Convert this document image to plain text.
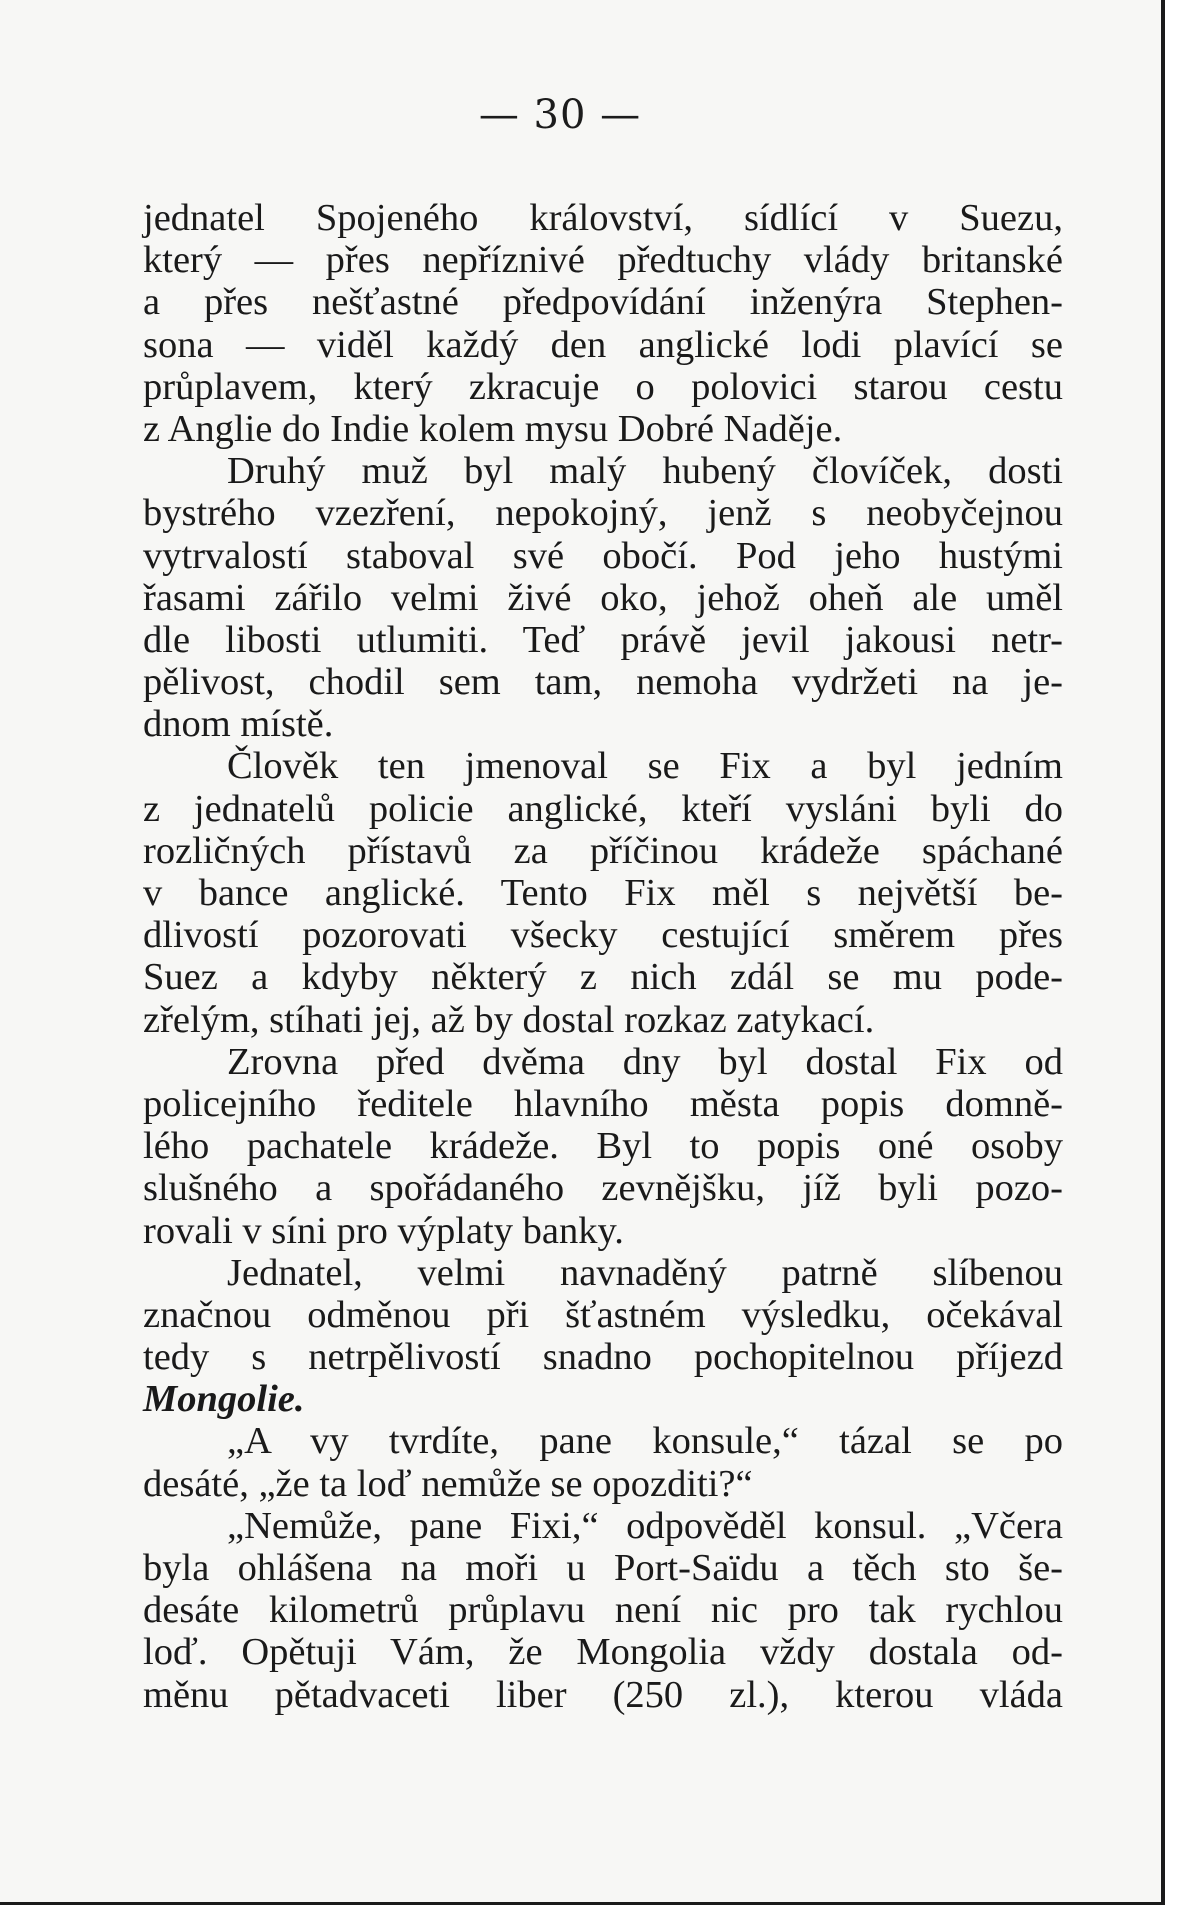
— 30 —
jednatel Spojeného království, sídlící v Suezu,
který — přes nepříznivé předtuchy vlády britanské
a přes nešťastné předpovídání inženýra Stephen-
sona — viděl každý den anglické lodi plavící se
průplavem, který zkracuje o polovici starou cestu
z Anglie do Indie kolem mysu Dobré Naděje.
Druhý muž byl malý hubený človíček, dosti
bystrého vzezření, nepokojný, jenž s neobyčejnou
vytrvalostí staboval své obočí. Pod jeho hustými
řasami zářilo velmi živé oko, jehož oheň ale uměl
dle libosti utlumiti. Teď právě jevil jakousi netr-
pělivost, chodil sem tam, nemoha vydržeti na je-
dnom místě.
Člověk ten jmenoval se Fix a byl jedním
z jednatelů policie anglické, kteří vysláni byli do
rozličných přístavů za příčinou krádeže spáchané
v bance anglické. Tento Fix měl s největší be-
dlivostí pozorovati všecky cestující směrem přes
Suez a kdyby některý z nich zdál se mu pode-
zřelým, stíhati jej, až by dostal rozkaz zatykací.
Zrovna před dvěma dny byl dostal Fix od
policejního ředitele hlavního města popis domně-
lého pachatele krádeže. Byl to popis oné osoby
slušného a spořádaného zevnějšku, jíž byli pozo-
rovali v síni pro výplaty banky.
Jednatel, velmi navnaděný patrně slíbenou
značnou odměnou při šťastném výsledku, očekával
tedy s netrpělivostí snadno pochopitelnou příjezd
Mongolie.
„A vy tvrdíte, pane konsule,“ tázal se po
desáté, „že ta loď nemůže se opozditi?“
„Nemůže, pane Fixi,“ odpověděl konsul. „Včera
byla ohlášena na moři u Port-Saïdu a těch sto še-
desáte kilometrů průplavu není nic pro tak rychlou
loď. Opětuji Vám, že Mongolia vždy dostala od-
měnu pětadvaceti liber (250 zl.), kterou vláda
